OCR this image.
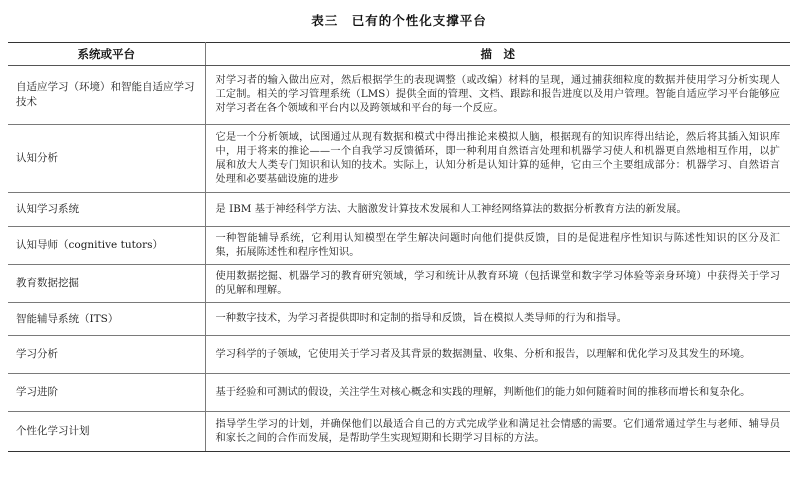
表三　已有的个性化支撑平台
系统或平台	描　述
自适应学习（环境）和智能自适应学习技术	对学习者的输入做出应对，然后根据学生的表现调整（或改编）材料的呈现，通过捕获细粒度的数据并使用学习分析实现人工定制。相关的学习管理系统（LMS）提供全面的管理、文档、跟踪和报告进度以及用户管理。智能自适应学习平台能够应对学习者在各个领域和平台内以及跨领域和平台的每一个反应。
认知分析	它是一个分析领域，试图通过从现有数据和模式中得出推论来模拟人脑，根据现有的知识库得出结论，然后将其插入知识库中，用于将来的推论——一个自我学习反馈循环，即一种利用自然语言处理和机器学习使人和机器更自然地相互作用，以扩展和放大人类专门知识和认知的技术。实际上，认知分析是认知计算的延伸，它由三个主要组成部分：机器学习、自然语言处理和必要基础设施的进步
认知学习系统	是 IBM 基于神经科学方法、大脑激发计算技术发展和人工神经网络算法的数据分析教育方法的新发展。
认知导师（cognitive tutors）	一种智能辅导系统，它利用认知模型在学生解决问题时向他们提供反馈，目的是促进程序性知识与陈述性知识的区分及汇集，拓展陈述性和程序性知识。
教育数据挖掘	使用数据挖掘、机器学习的教育研究领域，学习和统计从教育环境（包括课堂和数字学习体验等亲身环境）中获得关于学习的见解和理解。
智能辅导系统（ITS）	一种数字技术，为学习者提供即时和定制的指导和反馈，旨在模拟人类导师的行为和指导。
学习分析	学习科学的子领域，它使用关于学习者及其背景的数据测量、收集、分析和报告，以理解和优化学习及其发生的环境。
学习进阶	基于经验和可测试的假设，关注学生对核心概念和实践的理解，判断他们的能力如何随着时间的推移而增长和复杂化。
个性化学习计划	指导学生学习的计划，并确保他们以最适合自己的方式完成学业和满足社会情感的需要。它们通常通过学生与老师、辅导员和家长之间的合作而发展，是帮助学生实现短期和长期学习目标的方法。
